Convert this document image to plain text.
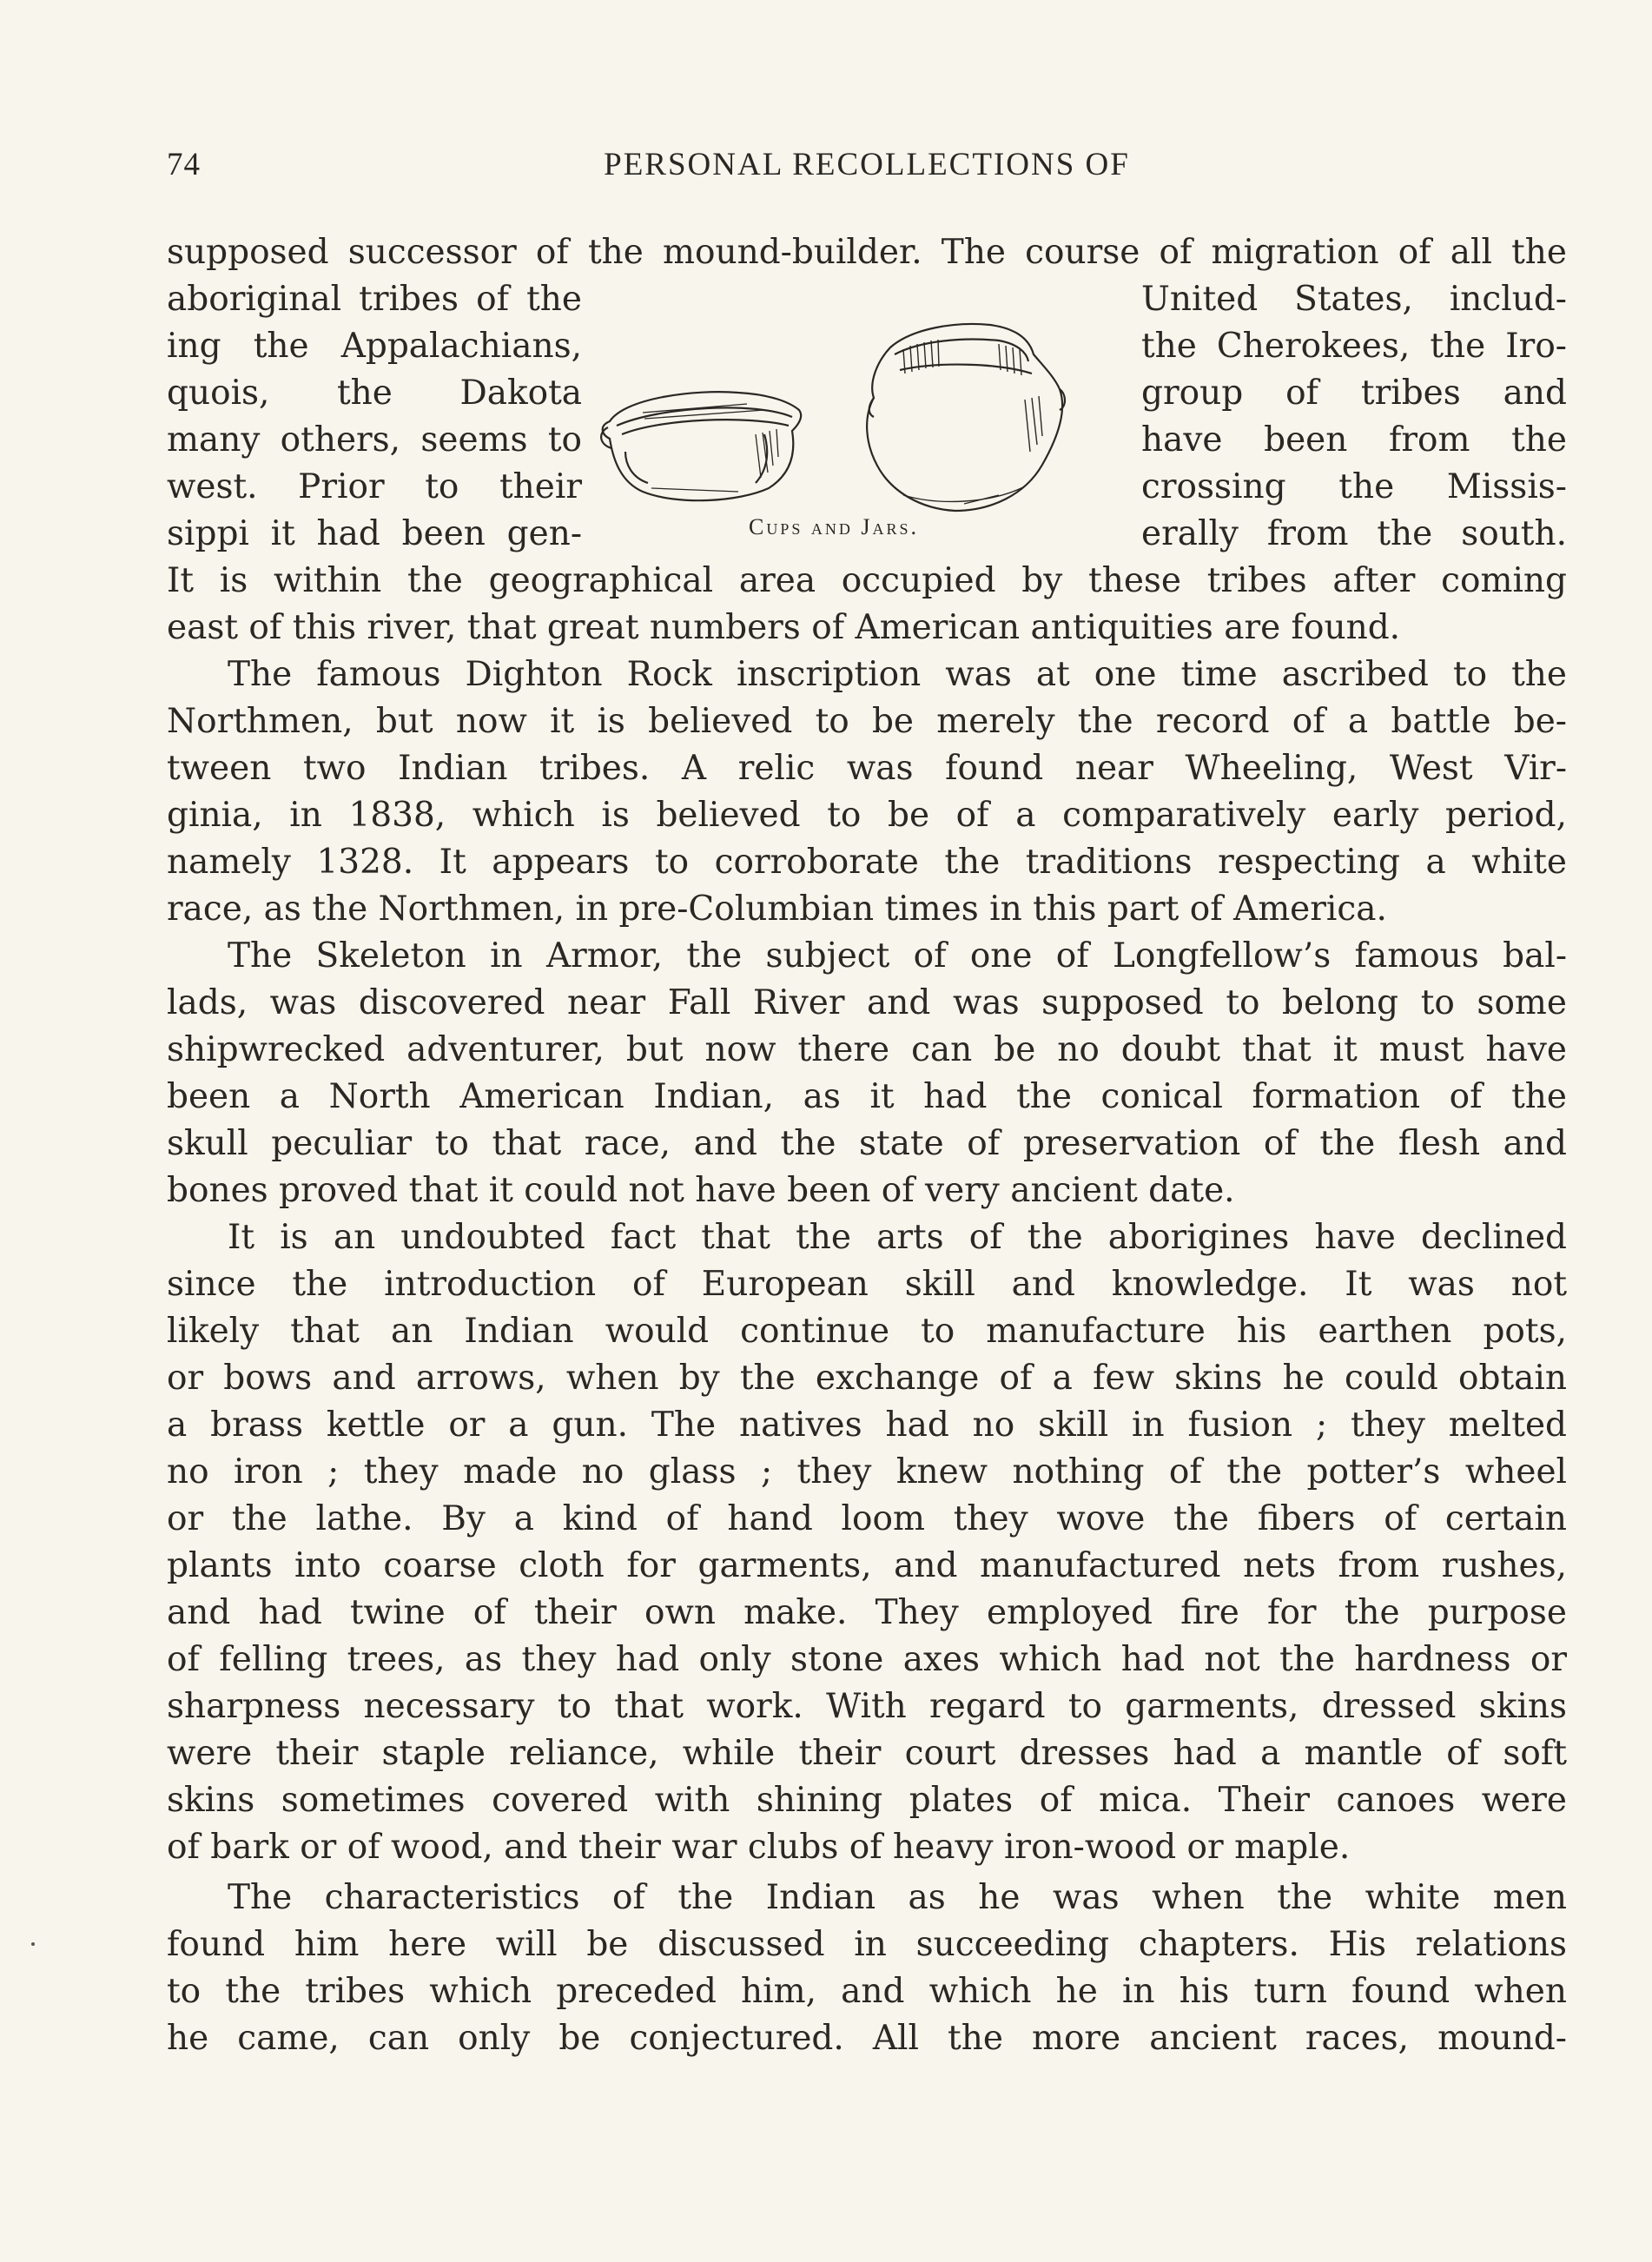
74	PERSONAL RECOLLECTIONS OF
supposed successor of the mound-builder. The course of migration of all the
aboriginal tribes of the	United States, includ-
ing the Appalachians,	the Cherokees, the Iro-
quois, the Dakota	group of tribes and
many others, seems to	have been from the
west. Prior to their	crossing the Missis-
sippi it had been gen-	erally from the south.
It is within the geographical area occupied by these tribes after coming
east of this river, that great numbers of American antiquities are found.
Cups and Jars.
The famous Dighton Rock inscription was at one time ascribed to the
Northmen, but now it is believed to be merely the record of a battle be-
tween two Indian tribes. A relic was found near Wheeling, West Vir-
ginia, in 1838, which is believed to be of a comparatively early period,
namely 1328. It appears to corroborate the traditions respecting a white
race, as the Northmen, in pre-Columbian times in this part of America.
The Skeleton in Armor, the subject of one of Longfellow’s famous bal-
lads, was discovered near Fall River and was supposed to belong to some
shipwrecked adventurer, but now there can be no doubt that it must have
been a North American Indian, as it had the conical formation of the
skull peculiar to that race, and the state of preservation of the flesh and
bones proved that it could not have been of very ancient date.
It is an undoubted fact that the arts of the aborigines have declined
since the introduction of European skill and knowledge. It was not
likely that an Indian would continue to manufacture his earthen pots,
or bows and arrows, when by the exchange of a few skins he could obtain
a brass kettle or a gun. The natives had no skill in fusion ; they melted
no iron ; they made no glass ; they knew nothing of the potter’s wheel
or the lathe. By a kind of hand loom they wove the fibers of certain
plants into coarse cloth for garments, and manufactured nets from rushes,
and had twine of their own make. They employed fire for the purpose
of felling trees, as they had only stone axes which had not the hardness or
sharpness necessary to that work. With regard to garments, dressed skins
were their staple reliance, while their court dresses had a mantle of soft
skins sometimes covered with shining plates of mica. Their canoes were
of bark or of wood, and their war clubs of heavy iron-wood or maple.
The characteristics of the Indian as he was when the white men
found him here will be discussed in succeeding chapters. His relations
to the tribes which preceded him, and which he in his turn found when
he came, can only be conjectured. All the more ancient races, mound-
